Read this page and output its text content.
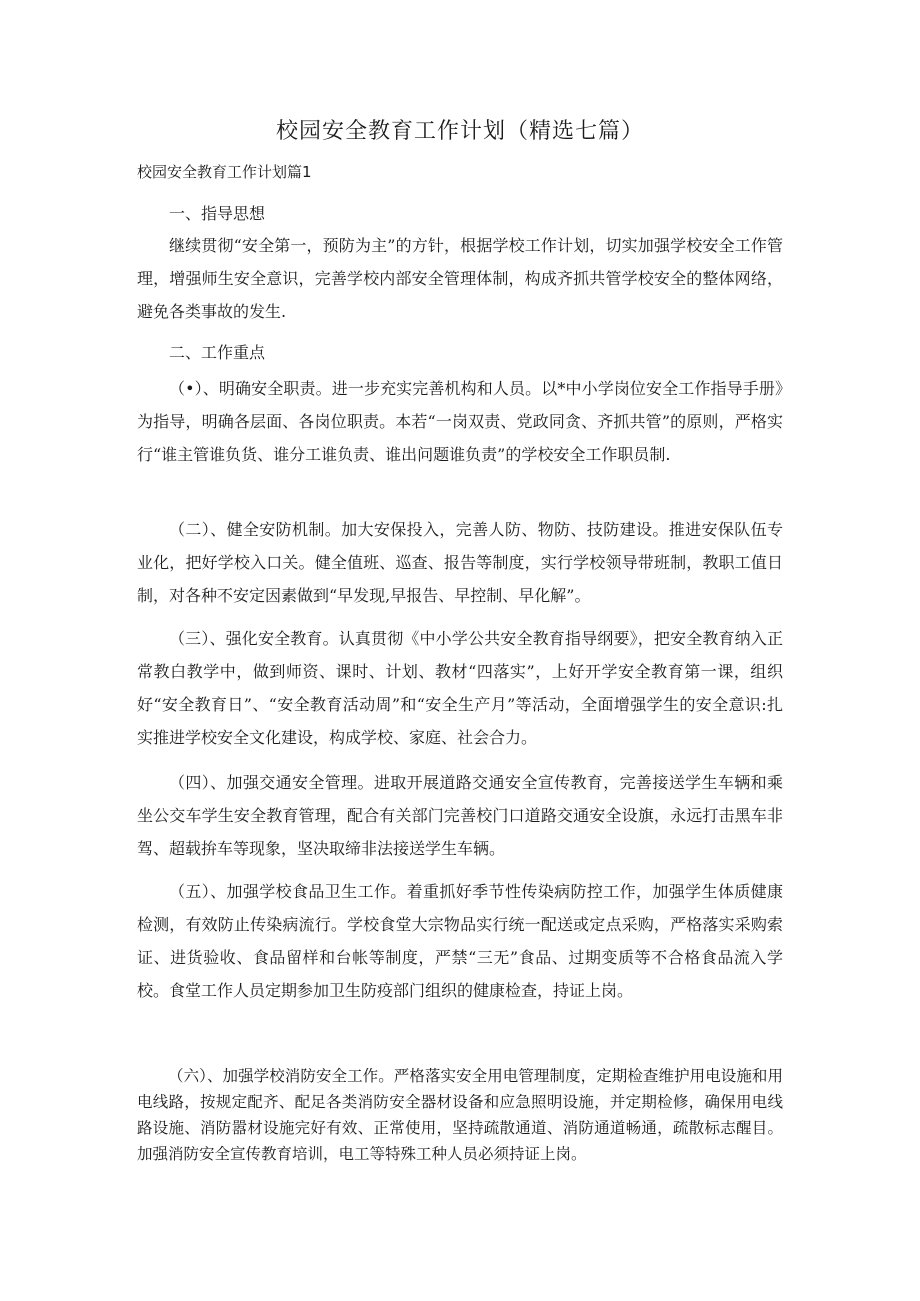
校园安全教育工作计划（精选七篇）

校园安全教育工作计划篇1

一、指导思想

继续贯彻“安全第一，预防为主”的方针，根据学校工作计划，切实加强学校安全工作管理，增强师生安全意识，完善学校内部安全管理体制，构成齐抓共管学校安全的整体网络，避免各类事故的发生.

二、工作重点

（•）、明确安全职责。进一步充实完善机构和人员。以*中小学岗位安全工作指导手册》为指导，明确各层面、各岗位职责。本若“一岗双责、党政同贪、齐抓共管”的原则，严格实行“谁主管谁负货、谁分工谁负责、谁出问题谁负责”的学校安全工作职员制.

（二）、健全安防机制。加大安保投入，完善人防、物防、技防建设。推进安保队伍专业化，把好学校入口关。健全值班、巡查、报告等制度，实行学校领导带班制，教职工值日制，对各种不安定因素做到“早发现,早报告、早控制、早化解”。

（三）、强化安全教育。认真贯彻《中小学公共安全教育指导纲要》，把安全教育纳入正常教白教学中，做到师资、课时、计划、教材“四落实”，上好开学安全教育第一课，组织好“安全教育日”、“安全教育活动周”和“安全生产月”等活动，全面增强学生的安全意识:扎实推进学校安全文化建设，构成学校、家庭、社会合力。

（四）、加强交通安全管理。进取开展道路交通安全宣传教育，完善接送学生车辆和乘坐公交车学生安全教育管理，配合有关部门完善校门口道路交通安全设旗，永远打击黑车非驾、超载拚车等现象，坚决取缔非法接送学生车辆。

（五）、加强学校食品卫生工作。着重抓好季节性传染病防控工作，加强学生体质健康检测，有效防止传染病流行。学校食堂大宗物品实行统一配送或定点采购，严格落实采购索证、进货验收、食品留样和台帐等制度，严禁“三无”食品、过期变质等不合格食品流入学校。食堂工作人员定期参加卫生防疫部门组织的健康检查，持证上岗。

（六）、加强学校消防安全工作。严格落实安全用电管理制度，定期检查维护用电设施和用电线路，按规定配齐、配足各类消防安全器材设备和应急照明设施，并定期检修，确保用电线路设施、消防嚣材设施完好有效、正常使用，坚持疏散通道、消防通道畅通，疏散标志醒目。加强消防安全宣传教育培训，电工等特殊工种人员必须持证上岗。
